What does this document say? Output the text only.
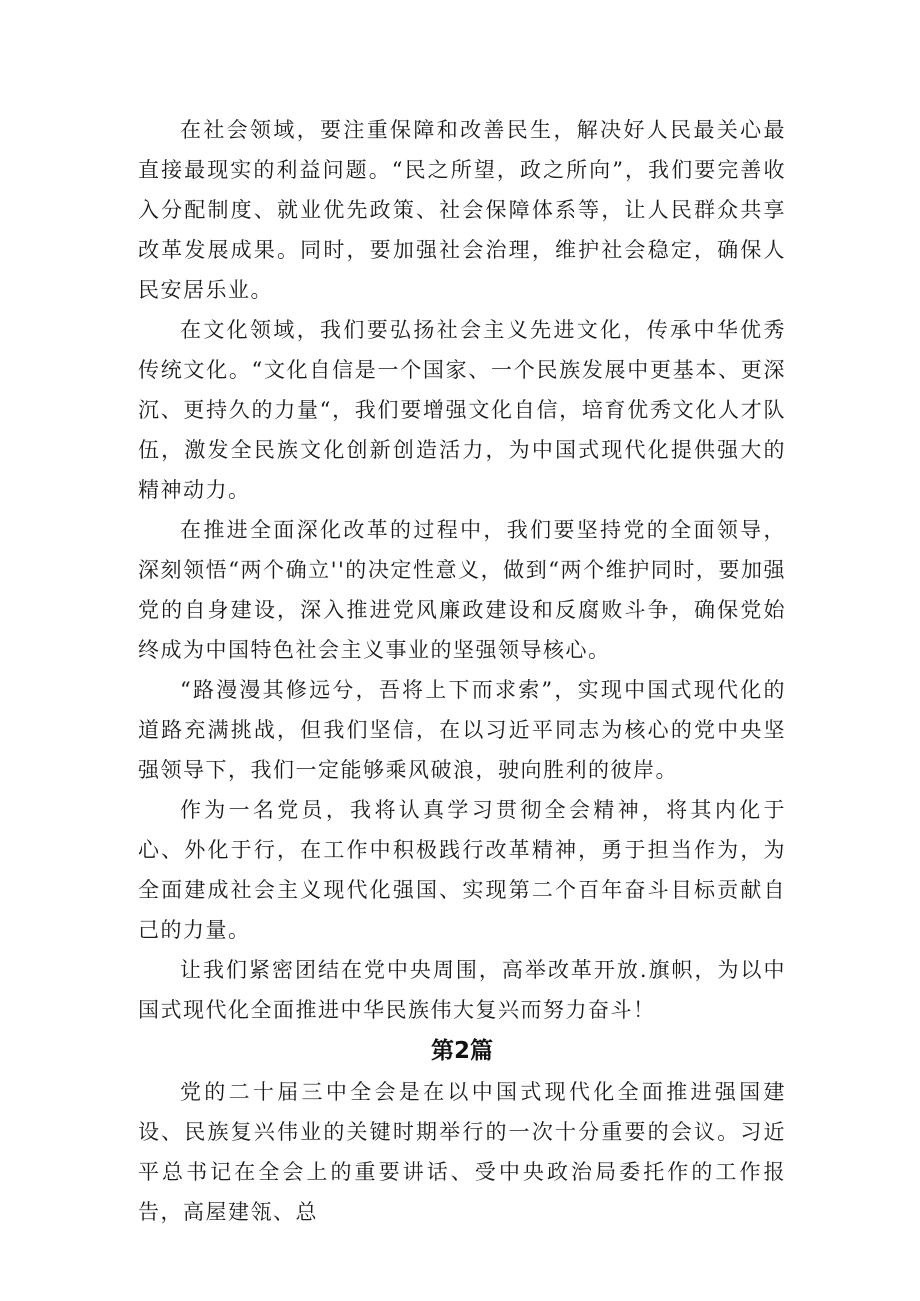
在社会领域，要注重保障和改善民生，解决好人民最关心最直接最现实的利益问题。“民之所望，政之所向”，我们要完善收入分配制度、就业优先政策、社会保障体系等，让人民群众共享改革发展成果。同时，要加强社会治理，维护社会稳定，确保人民安居乐业。

在文化领域，我们要弘扬社会主义先进文化，传承中华优秀传统文化。“文化自信是一个国家、一个民族发展中更基本、更深沉、更持久的力量“，我们要增强文化自信，培育优秀文化人才队伍，激发全民族文化创新创造活力，为中国式现代化提供强大的精神动力。

在推进全面深化改革的过程中，我们要坚持党的全面领导，深刻领悟“两个确立''的决定性意义，做到“两个维护同时，要加强党的自身建设，深入推进党风廉政建设和反腐败斗争，确保党始终成为中国特色社会主义事业的坚强领导核心。

“路漫漫其修远兮，吾将上下而求索”，实现中国式现代化的道路充满挑战，但我们坚信，在以习近平同志为核心的党中央坚强领导下，我们一定能够乘风破浪，驶向胜利的彼岸。

作为一名党员，我将认真学习贯彻全会精神，将其内化于心、外化于行，在工作中积极践行改革精神，勇于担当作为，为全面建成社会主义现代化强国、实现第二个百年奋斗目标贡献自己的力量。

让我们紧密团结在党中央周围，高举改革开放.旗帜，为以中国式现代化全面推进中华民族伟大复兴而努力奋斗！

第2篇

党的二十届三中全会是在以中国式现代化全面推进强国建设、民族复兴伟业的关键时期举行的一次十分重要的会议。习近平总书记在全会上的重要讲话、受中央政治局委托作的工作报告，高屋建瓴、总
